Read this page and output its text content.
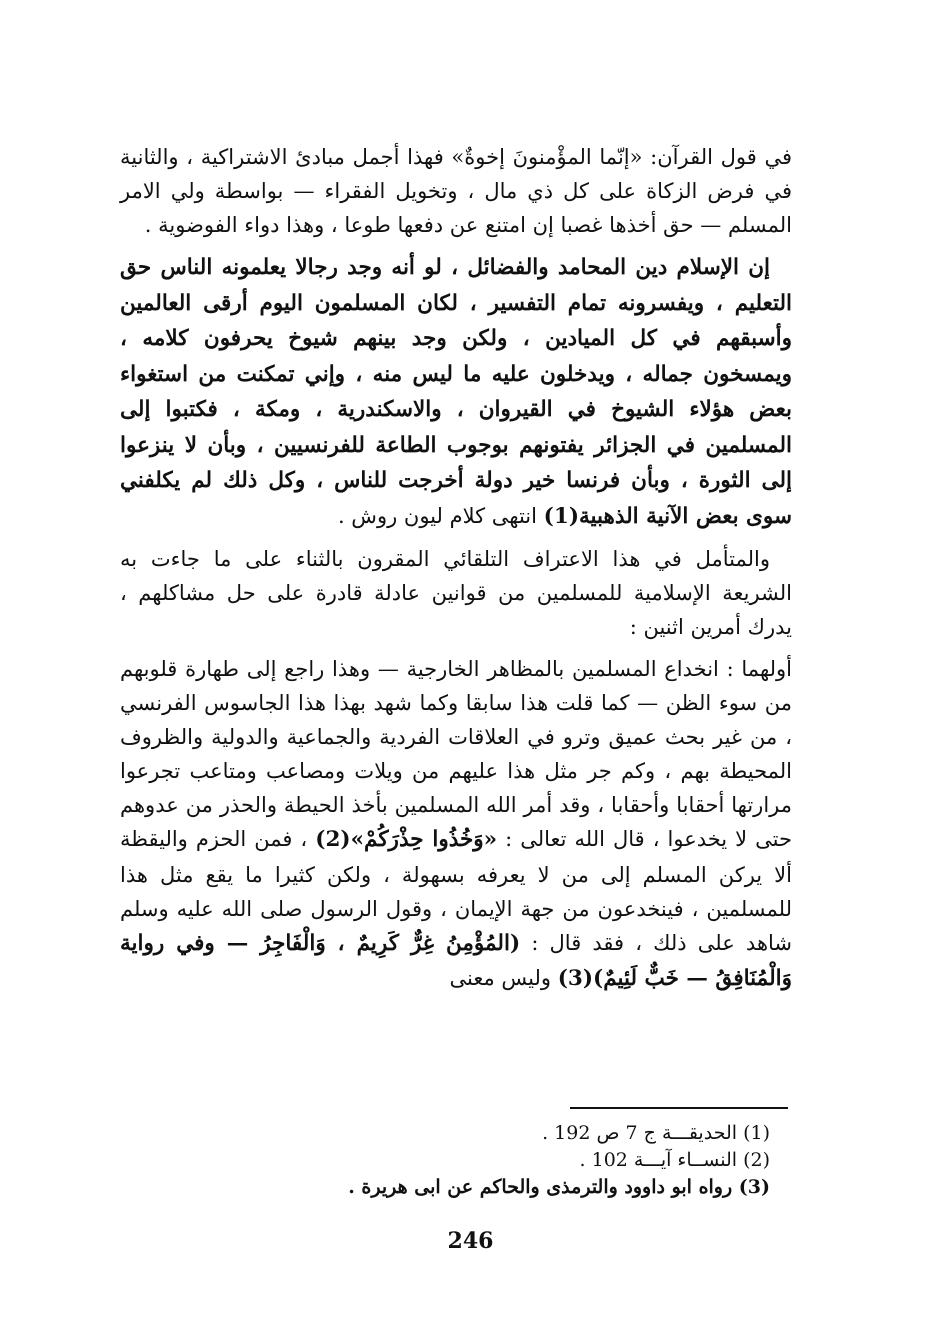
في قول القرآن: «إنّما المؤْمنونَ إخوةٌ» فهذا أجمل مبادئ الاشتراكية ، والثانية في فرض الزكاة على كل ذي مال ، وتخويل الفقراء — بواسطة ولي الامر المسلم — حق أخذها غصبا إن امتنع عن دفعها طوعا ، وهذا دواء الفوضوية .

إن الإسلام دين المحامد والفضائل ، لو أنه وجد رجالا يعلمونه الناس حق التعليم ، ويفسرونه تمام التفسير ، لكان المسلمون اليوم أرقى العالمين وأسبقهم في كل الميادين ، ولكن وجد بينهم شيوخ يحرفون كلامه ، ويمسخون جماله ، ويدخلون عليه ما ليس منه ، وإني تمكنت من استغواء بعض هؤلاء الشيوخ في القيروان ، والاسكندرية ، ومكة ، فكتبوا إلى المسلمين في الجزائر يفتونهم بوجوب الطاعة للفرنسيين ، وبأن لا ينزعوا إلى الثورة ، وبأن فرنسا خير دولة أخرجت للناس ، وكل ذلك لم يكلفني سوى بعض الآنية الذهبية(1) انتهى كلام ليون روش .

والمتأمل في هذا الاعتراف التلقائي المقرون بالثناء على ما جاءت به الشريعة الإسلامية للمسلمين من قوانين عادلة قادرة على حل مشاكلهم ، يدرك أمرين اثنين :

أولهما : انخداع المسلمين بالمظاهر الخارجية — وهذا راجع إلى طهارة قلوبهم من سوء الظن — كما قلت هذا سابقا وكما شهد بهذا هذا الجاسوس الفرنسي ، من غير بحث عميق وترو في العلاقات الفردية والجماعية والدولية والظروف المحيطة بهم ، وكم جر مثل هذا عليهم من ويلات ومصاعب ومتاعب تجرعوا مرارتها أحقابا وأحقابا ، وقد أمر الله المسلمين بأخذ الحيطة والحذر من عدوهم حتى لا يخدعوا ، قال الله تعالى : «وَخُذُوا حِذْرَكُمْ»(2) ، فمن الحزم واليقظة ألا يركن المسلم إلى من لا يعرفه بسهولة ، ولكن كثيرا ما يقع مثل هذا للمسلمين ، فينخدعون من جهة الإيمان ، وقول الرسول صلى الله عليه وسلم شاهد على ذلك ، فقد قال : (المُؤْمِنُ غِرٌّ كَرِيمٌ ، وَالْفَاجِرُ — وفي رواية وَالْمُنَافِقُ — خَبٌّ لَئِيمٌ)(3) وليس معنى

(1) الحديقـــة ج 7 ص 192 .
(2) النســاء آيـــة 102 .
(3) رواه ابو داوود والترمذى والحاكم عن ابى هريرة .
246
